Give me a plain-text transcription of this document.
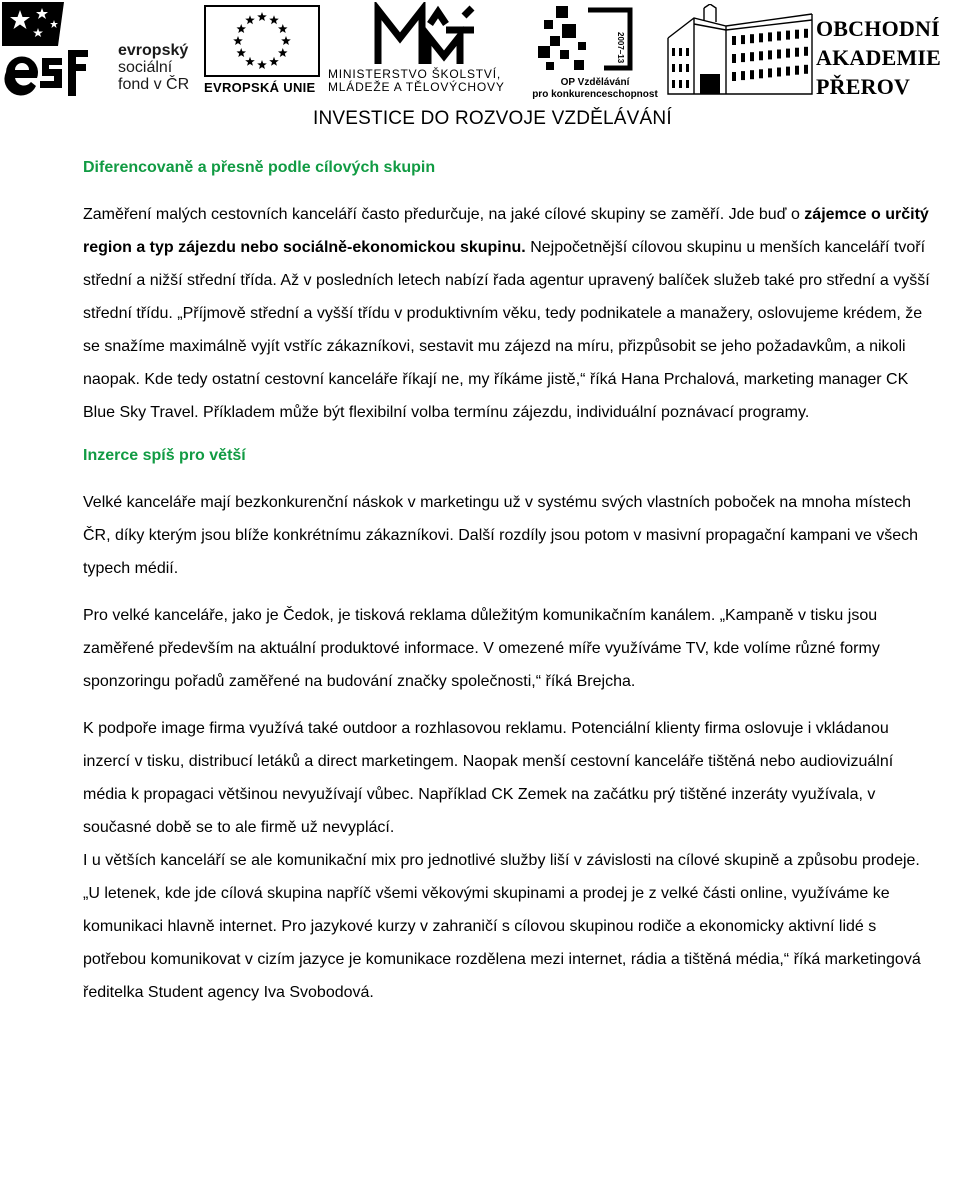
evropský
sociální
fond v ČR EVROPSKÁ UNIE
MINISTERSTVO ŠKOLSTVÍ,
MLÁDEŽE A TĚLOVÝCHOVY
2007–13
OP Vzdělávání
pro konkurenceschopnost
OBCHODNÍ
AKADEMIE
PŘEROV
INVESTICE DO ROZVOJE VZDĚLÁVÁNÍ
Diferencovaně a přesně podle cílových skupin

Zaměření malých cestovních kanceláří často předurčuje, na jaké cílové skupiny se zaměří. Jde buď o zájemce o určitý region a typ zájezdu nebo sociálně-ekonomickou skupinu. Nejpočetnější cílovou skupinu u menších kanceláří tvoří střední a nižší střední třída. Až v posledních letech nabízí řada agentur upravený balíček služeb také pro střední a vyšší střední třídu. „Příjmově střední a vyšší třídu v produktivním věku, tedy podnikatele a manažery, oslovujeme krédem, že se snažíme maximálně vyjít vstříc zákazníkovi, sestavit mu zájezd na míru, přizpůsobit se jeho požadavkům, a nikoli naopak. Kde tedy ostatní cestovní kanceláře říkají ne, my říkáme jistě,“ říká Hana Prchalová, marketing manager CK Blue Sky Travel. Příkladem může být flexibilní volba termínu zájezdu, individuální poznávací programy.

Inzerce spíš pro větší

Velké kanceláře mají bezkonkurenční náskok v marketingu už v systému svých vlastních poboček na mnoha místech ČR, díky kterým jsou blíže konkrétnímu zákazníkovi. Další rozdíly jsou potom v masivní propagační kampani ve všech typech médií.

Pro velké kanceláře, jako je Čedok, je tisková reklama důležitým komunikačním kanálem. „Kampaně v tisku jsou zaměřené především na aktuální produktové informace. V omezené míře využíváme TV, kde volíme různé formy sponzoringu pořadů zaměřené na budování značky společnosti,“ říká Brejcha.

K podpoře image firma využívá také outdoor a rozhlasovou reklamu. Potenciální klienty firma oslovuje i vkládanou inzercí v tisku, distribucí letáků a direct marketingem. Naopak menší cestovní kanceláře tištěná nebo audiovizuální média k propagaci většinou nevyužívají vůbec. Například CK Zemek na začátku prý tištěné inzeráty využívala, v současné době se to ale firmě už nevyplácí.

I u větších kanceláří se ale komunikační mix pro jednotlivé služby liší v závislosti na cílové skupině a způsobu prodeje. „U letenek, kde jde cílová skupina napříč všemi věkovými skupinami a prodej je z velké části online, využíváme ke komunikaci hlavně internet. Pro jazykové kurzy v zahraničí s cílovou skupinou rodiče a ekonomicky aktivní lidé s potřebou komunikovat v cizím jazyce je komunikace rozdělena mezi internet, rádia a tištěná média,“ říká marketingová ředitelka Student agency Iva Svobodová.
